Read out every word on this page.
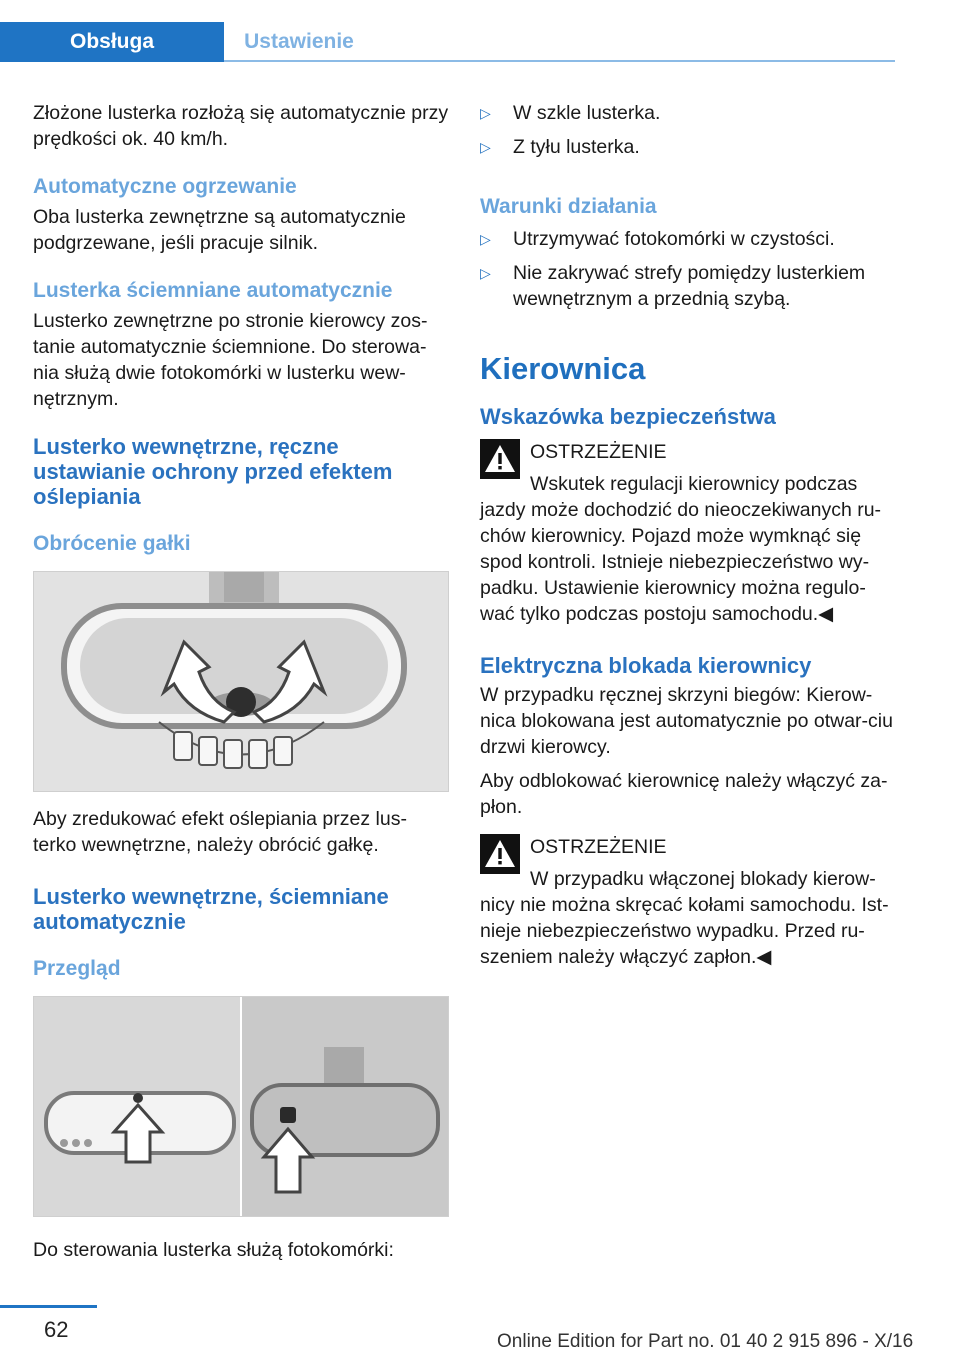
Obsługa	Ustawienie

Złożone lusterka rozłożą się automatycznie przy prędkości ok. 40 km/h.

Automatyczne ogrzewanie

Oba lusterka zewnętrzne są automatycznie podgrzewane, jeśli pracuje silnik.

Lusterka ściemniane automatycznie

Lusterko zewnętrzne po stronie kierowcy zos‐tanie automatycznie ściemnione. Do sterowa‐nia służą dwie fotokomórki w lusterku wew‐nętrznym.

Lusterko wewnętrzne, ręczne ustawianie ochrony przed efektem oślepiania
Obrócenie gałki

Aby zredukować efekt oślepiania przez lus‐terko wewnętrzne, należy obrócić gałkę.

Lusterko wewnętrzne, ściemniane automatycznie
Przegląd

Do sterowania lusterka służą fotokomórki:

▷ W szkle lusterka.
▷ Z tyłu lusterka.
Warunki działania
▷ Utrzymywać fotokomórki w czystości.
▷ Nie zakrywać strefy pomiędzy lusterkiem wewnętrznym a przednią szybą.
Kierownica
Wskazówka bezpieczeństwa

OSTRZEŻENIE

Wskutek regulacji kierownicy podczas jazdy może dochodzić do nieoczekiwanych ru‐chów kierownicy. Pojazd może wymknąć się spod kontroli. Istnieje niebezpieczeństwo wy‐padku. Ustawienie kierownicy można regulo‐wać tylko podczas postoju samochodu.◀

Elektryczna blokada kierownicy

W przypadku ręcznej skrzyni biegów: Kierow‐nica blokowana jest automatycznie po otwar‐ciu drzwi kierowcy.

Aby odblokować kierownicę należy włączyć za‐płon.

OSTRZEŻENIE

W przypadku włączonej blokady kierow‐nicy nie można skręcać kołami samochodu. Ist‐nieje niebezpieczeństwo wypadku. Przed ru‐szeniem należy włączyć zapłon.◀

62	Online Edition for Part no. 01 40 2 915 896 - X/16
